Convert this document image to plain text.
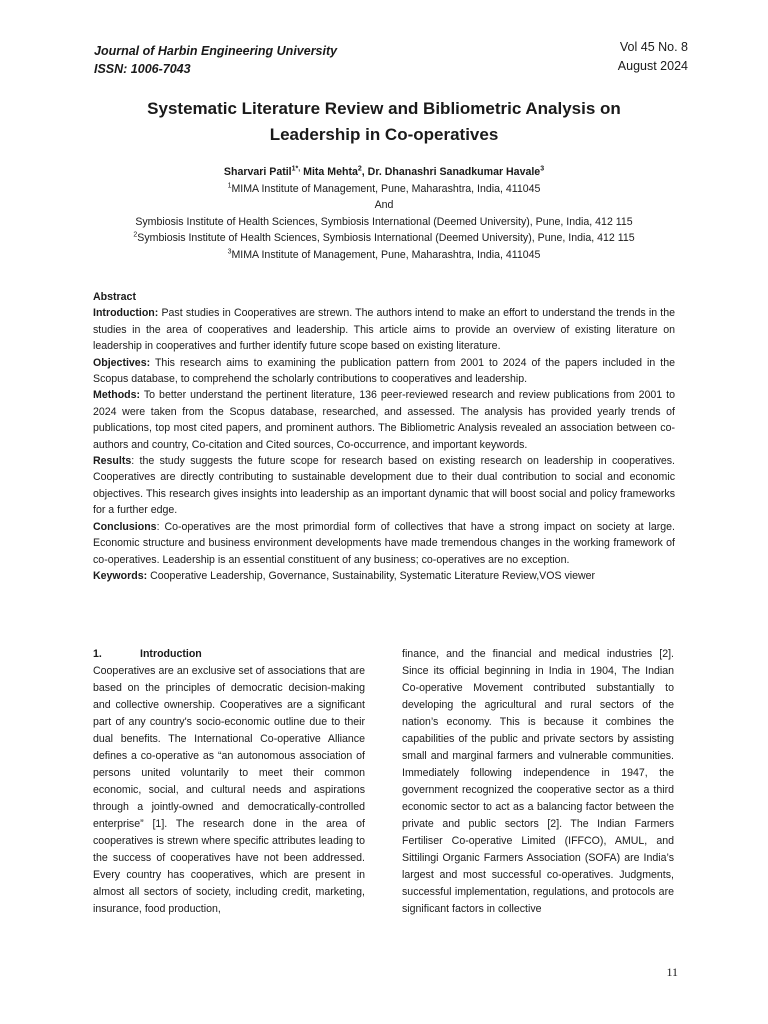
Journal of Harbin Engineering University
ISSN: 1006-7043
Vol 45 No. 8
August 2024
Systematic Literature Review and Bibliometric Analysis on
Leadership in Co-operatives
Sharvari Patil$^{1*,}$ Mita Mehta$^2$, Dr. Dhanashri Sanadkumar Havale$^3$
$^1$MIMA Institute of Management, Pune, Maharashtra, India, 411045
And
Symbiosis Institute of Health Sciences, Symbiosis International (Deemed University), Pune, India, 412 115
$^2$Symbiosis Institute of Health Sciences, Symbiosis International (Deemed University), Pune, India, 412 115
$^3$MIMA Institute of Management, Pune, Maharashtra, India, 411045
Abstract

Introduction: Past studies in Cooperatives are strewn. The authors intend to make an effort to understand the trends in the studies in the area of cooperatives and leadership. This article aims to provide an overview of existing literature on leadership in cooperatives and further identify future scope based on existing literature.

Objectives: This research aims to examining the publication pattern from 2001 to 2024 of the papers included in the Scopus database, to comprehend the scholarly contributions to cooperatives and leadership.

Methods: To better understand the pertinent literature, 136 peer-reviewed research and review publications from 2001 to 2024 were taken from the Scopus database, researched, and assessed. The analysis has provided yearly trends of publications, top most cited papers, and prominent authors. The Bibliometric Analysis revealed an association between co-authors and country, Co-citation and Cited sources, Co-occurrence, and important keywords.

Results: the study suggests the future scope for research based on existing research on leadership in cooperatives. Cooperatives are directly contributing to sustainable development due to their dual contribution to social and economic objectives. This research gives insights into leadership as an important dynamic that will boost social and policy frameworks for a further edge.

Conclusions: Co-operatives are the most primordial form of collectives that have a strong impact on society at large. Economic structure and business environment developments have made tremendous changes in the working framework of co-operatives. Leadership is an essential constituent of any business; co-operatives are no exception.

Keywords: Cooperative Leadership, Governance, Sustainability, Systematic Literature Review,VOS viewer

1.	Introduction

Cooperatives are an exclusive set of associations that are based on the principles of democratic decision-making and collective ownership. Cooperatives are a significant part of any country's socio-economic outline due to their dual benefits. The International Co-operative Alliance defines a co-operative as “an autonomous association of persons united voluntarily to meet their common economic, social, and cultural needs and aspirations through a jointly-owned and democratically-controlled enterprise” [1]. The research done in the area of cooperatives is strewn where specific attributes leading to the success of cooperatives have not been addressed. Every country has cooperatives, which are present in almost all sectors of society, including credit, marketing, insurance, food production,

finance, and the financial and medical industries [2]. Since its official beginning in India in 1904, The Indian Co-operative Movement contributed substantially to developing the agricultural and rural sectors of the nation’s economy. This is because it combines the capabilities of the public and private sectors by assisting small and marginal farmers and vulnerable communities. Immediately following independence in 1947, the government recognized the cooperative sector as a third economic sector to act as a balancing factor between the private and public sectors [2]. The Indian Farmers Fertiliser Co-operative Limited (IFFCO), AMUL, and Sittilingi Organic Farmers Association (SOFA) are India’s largest and most successful co-operatives. Judgments, successful implementation, regulations, and protocols are significant factors in collective

11
